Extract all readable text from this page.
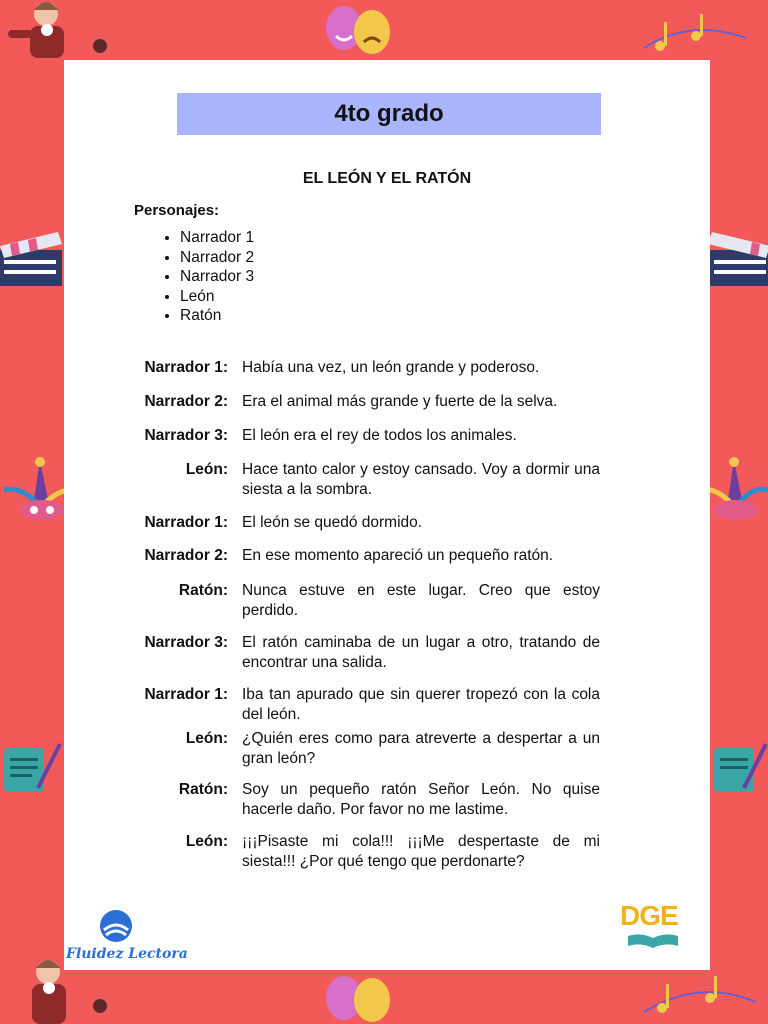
4to grado
EL LEÓN Y EL RATÓN
Personajes:
• Narrador 1
• Narrador 2
• Narrador 3
• León
• Ratón
Narrador 1: Había una vez, un león grande y poderoso.
Narrador 2: Era el animal más grande y fuerte de la selva.
Narrador 3: El león era el rey de todos los animales.
León: Hace tanto calor y estoy cansado. Voy a dormir una siesta a la sombra.
Narrador 1: El león se quedó dormido.
Narrador 2: En ese momento apareció un pequeño ratón.
Ratón: Nunca estuve en este lugar. Creo que estoy perdido.
Narrador 3: El ratón caminaba de un lugar a otro, tratando de encontrar una salida.
Narrador 1: Iba tan apurado que sin querer tropezó con la cola del león.
León: ¿Quién eres como para atreverte a despertar a un gran león?
Ratón: Soy un pequeño ratón Señor León. No quise hacerle daño. Por favor no me lastime.
León: ¡¡¡Pisaste mi cola!!! ¡¡¡Me despertaste de mi siesta!!! ¿Por qué tengo que perdonarte?
Fluidez Lectora
DGE
